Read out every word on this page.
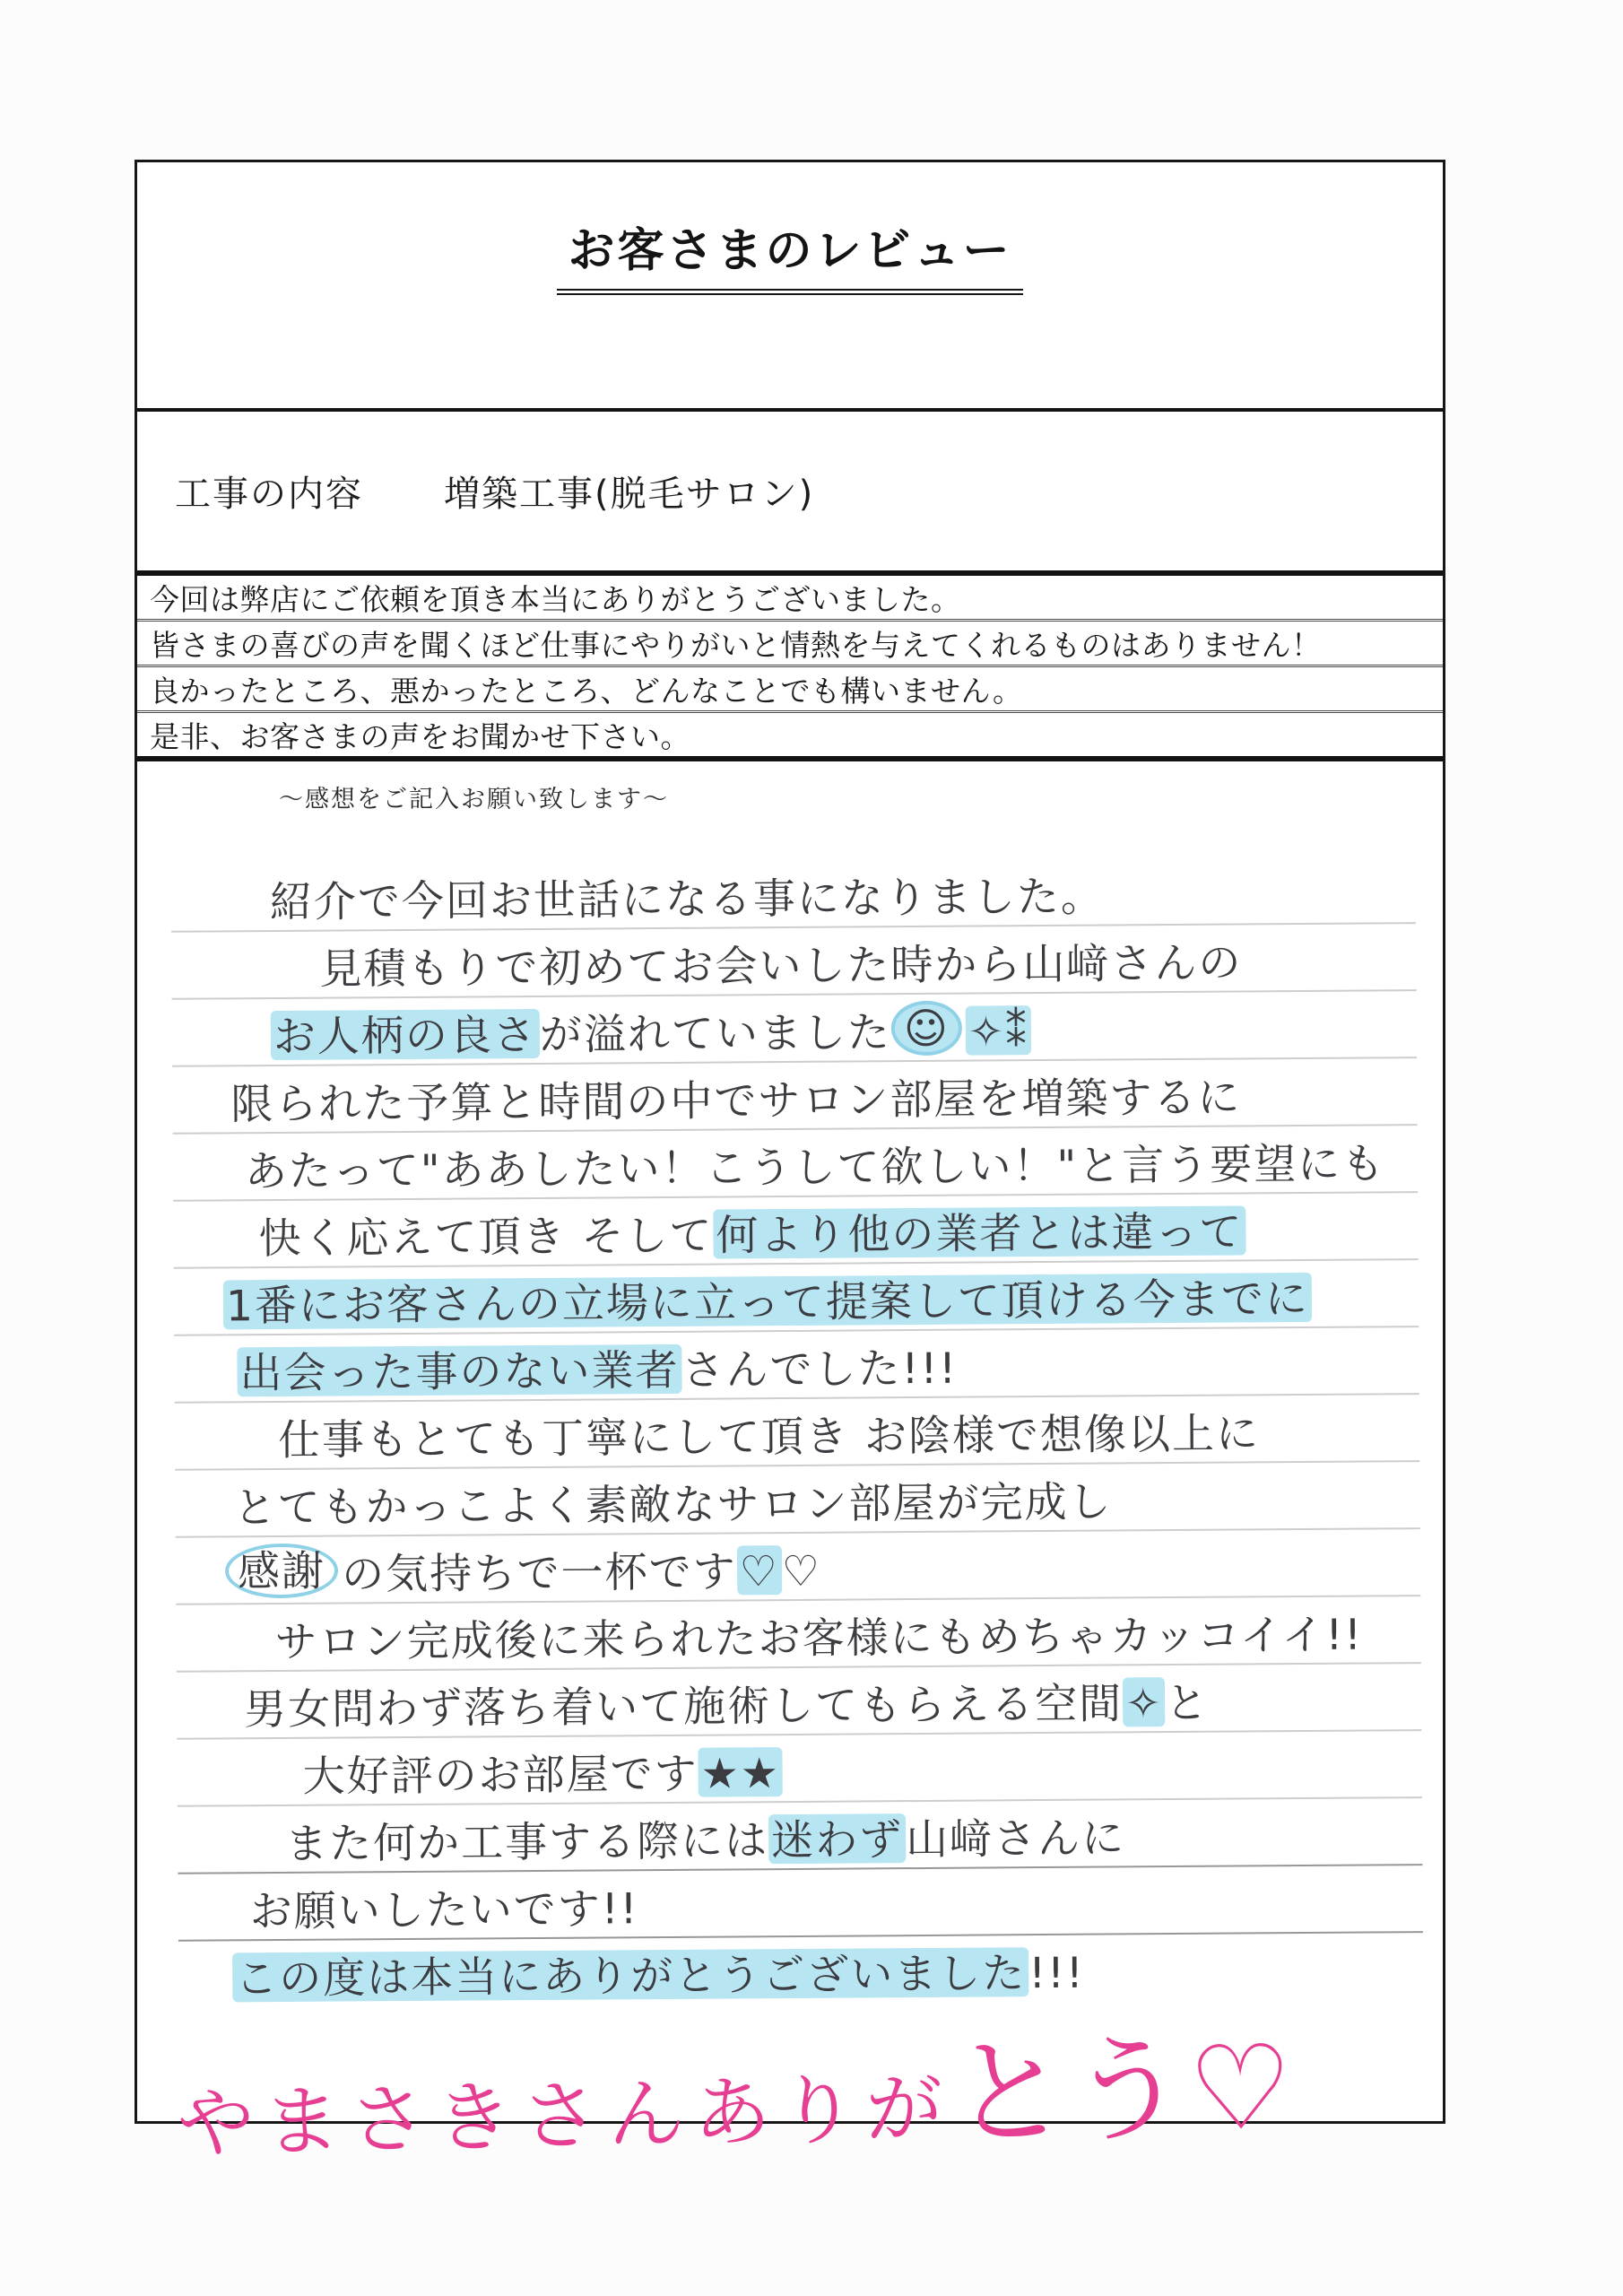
お客さまのレビュー
工事の内容 増築工事(脱毛サロン)
今回は弊店にご依頼を頂き本当にありがとうございました。
皆さまの喜びの声を聞くほど仕事にやりがいと情熱を与えてくれるものはありません！
良かったところ、悪かったところ、どんなことでも構いません。
是非、お客さまの声をお聞かせ下さい。
～感想をご記入お願い致します～
紹介で今回お世話になる事になりました。
見積もりで初めてお会いした時から山﨑さんの
お人柄の良さ が溢れていました ☺ ✧⁑
限られた予算と時間の中でサロン部屋を増築するに
あたって"ああしたい！こうして欲しい！"と言う要望にも
快く応えて頂き そして 何より他の業者とは違って
1番にお客さんの立場に立って提案して頂ける今までに
出会った事のない業者 さんでした!!!
仕事もとても丁寧にして頂き お陰様で想像以上に
とてもかっこよく素敵なサロン部屋が完成し
感謝 の気持ちで一杯です ♡ ♡
サロン完成後に来られたお客様にもめちゃカッコイイ!!
男女問わず落ち着いて施術してもらえる空間 ✧ と
大好評のお部屋です ★★
また何か工事する際には 迷わず 山﨑さんに
お願いしたいです!!
この度は本当にありがとうございました !!!
やまさきさんありがとう♡
